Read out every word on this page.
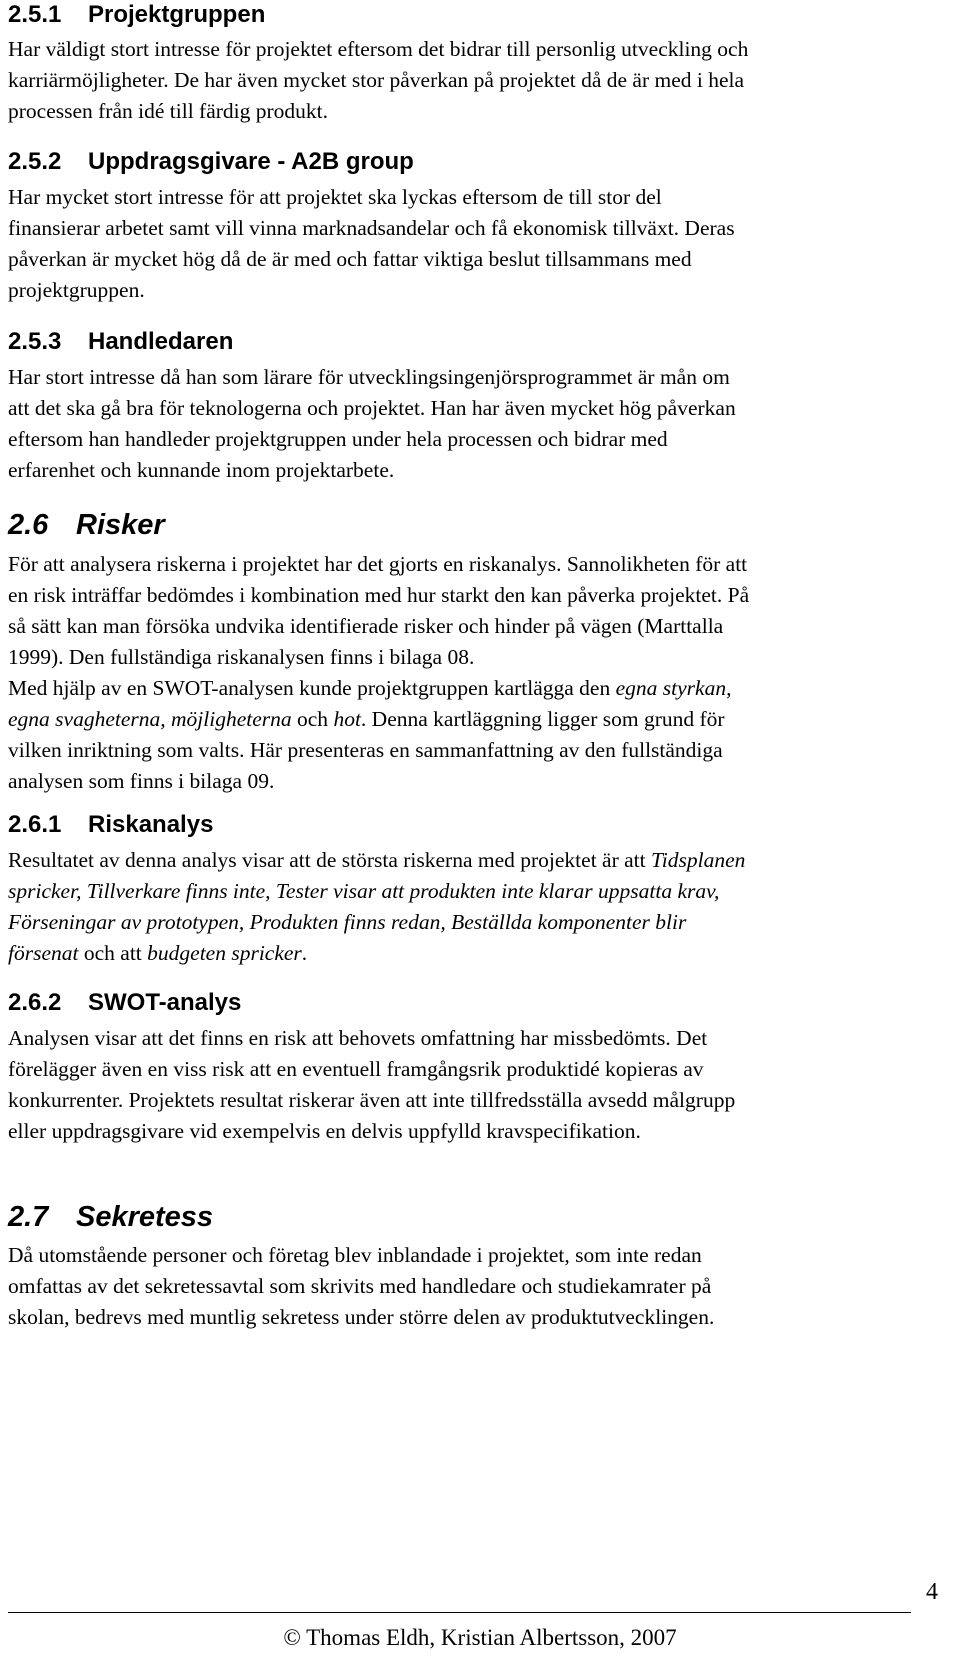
2.5.1 Projektgruppen

Har väldigt stort intresse för projektet eftersom det bidrar till personlig utveckling och
karriärmöjligheter. De har även mycket stor påverkan på projektet då de är med i hela
processen från idé till färdig produkt.

2.5.2 Uppdragsgivare - A2B group

Har mycket stort intresse för att projektet ska lyckas eftersom de till stor del
finansierar arbetet samt vill vinna marknadsandelar och få ekonomisk tillväxt. Deras
påverkan är mycket hög då de är med och fattar viktiga beslut tillsammans med
projektgruppen.

2.5.3 Handledaren

Har stort intresse då han som lärare för utvecklingsingenjörsprogrammet är mån om
att det ska gå bra för teknologerna och projektet. Han har även mycket hög påverkan
eftersom han handleder projektgruppen under hela processen och bidrar med
erfarenhet och kunnande inom projektarbete.

2.6 Risker

För att analysera riskerna i projektet har det gjorts en riskanalys. Sannolikheten för att
en risk inträffar bedömdes i kombination med hur starkt den kan påverka projektet. På
så sätt kan man försöka undvika identifierade risker och hinder på vägen (Marttalla
1999). Den fullständiga riskanalysen finns i bilaga 08.

Med hjälp av en SWOT-analysen kunde projektgruppen kartlägga den egna styrkan,
egna svagheterna, möjligheterna och hot. Denna kartläggning ligger som grund för
vilken inriktning som valts. Här presenteras en sammanfattning av den fullständiga
analysen som finns i bilaga 09.

2.6.1 Riskanalys

Resultatet av denna analys visar att de största riskerna med projektet är att Tidsplanen
spricker, Tillverkare finns inte, Tester visar att produkten inte klarar uppsatta krav,
Förseningar av prototypen, Produkten finns redan, Beställda komponenter blir
försenat och att budgeten spricker.

2.6.2 SWOT-analys

Analysen visar att det finns en risk att behovets omfattning har missbedömts. Det
förelägger även en viss risk att en eventuell framgångsrik produktidé kopieras av
konkurrenter. Projektets resultat riskerar även att inte tillfredsställa avsedd målgrupp
eller uppdragsgivare vid exempelvis en delvis uppfylld kravspecifikation.

2.7 Sekretess

Då utomstående personer och företag blev inblandade i projektet, som inte redan
omfattas av det sekretessavtal som skrivits med handledare och studiekamrater på
skolan, bedrevs med muntlig sekretess under större delen av produktutvecklingen.

4
© Thomas Eldh, Kristian Albertsson, 2007
